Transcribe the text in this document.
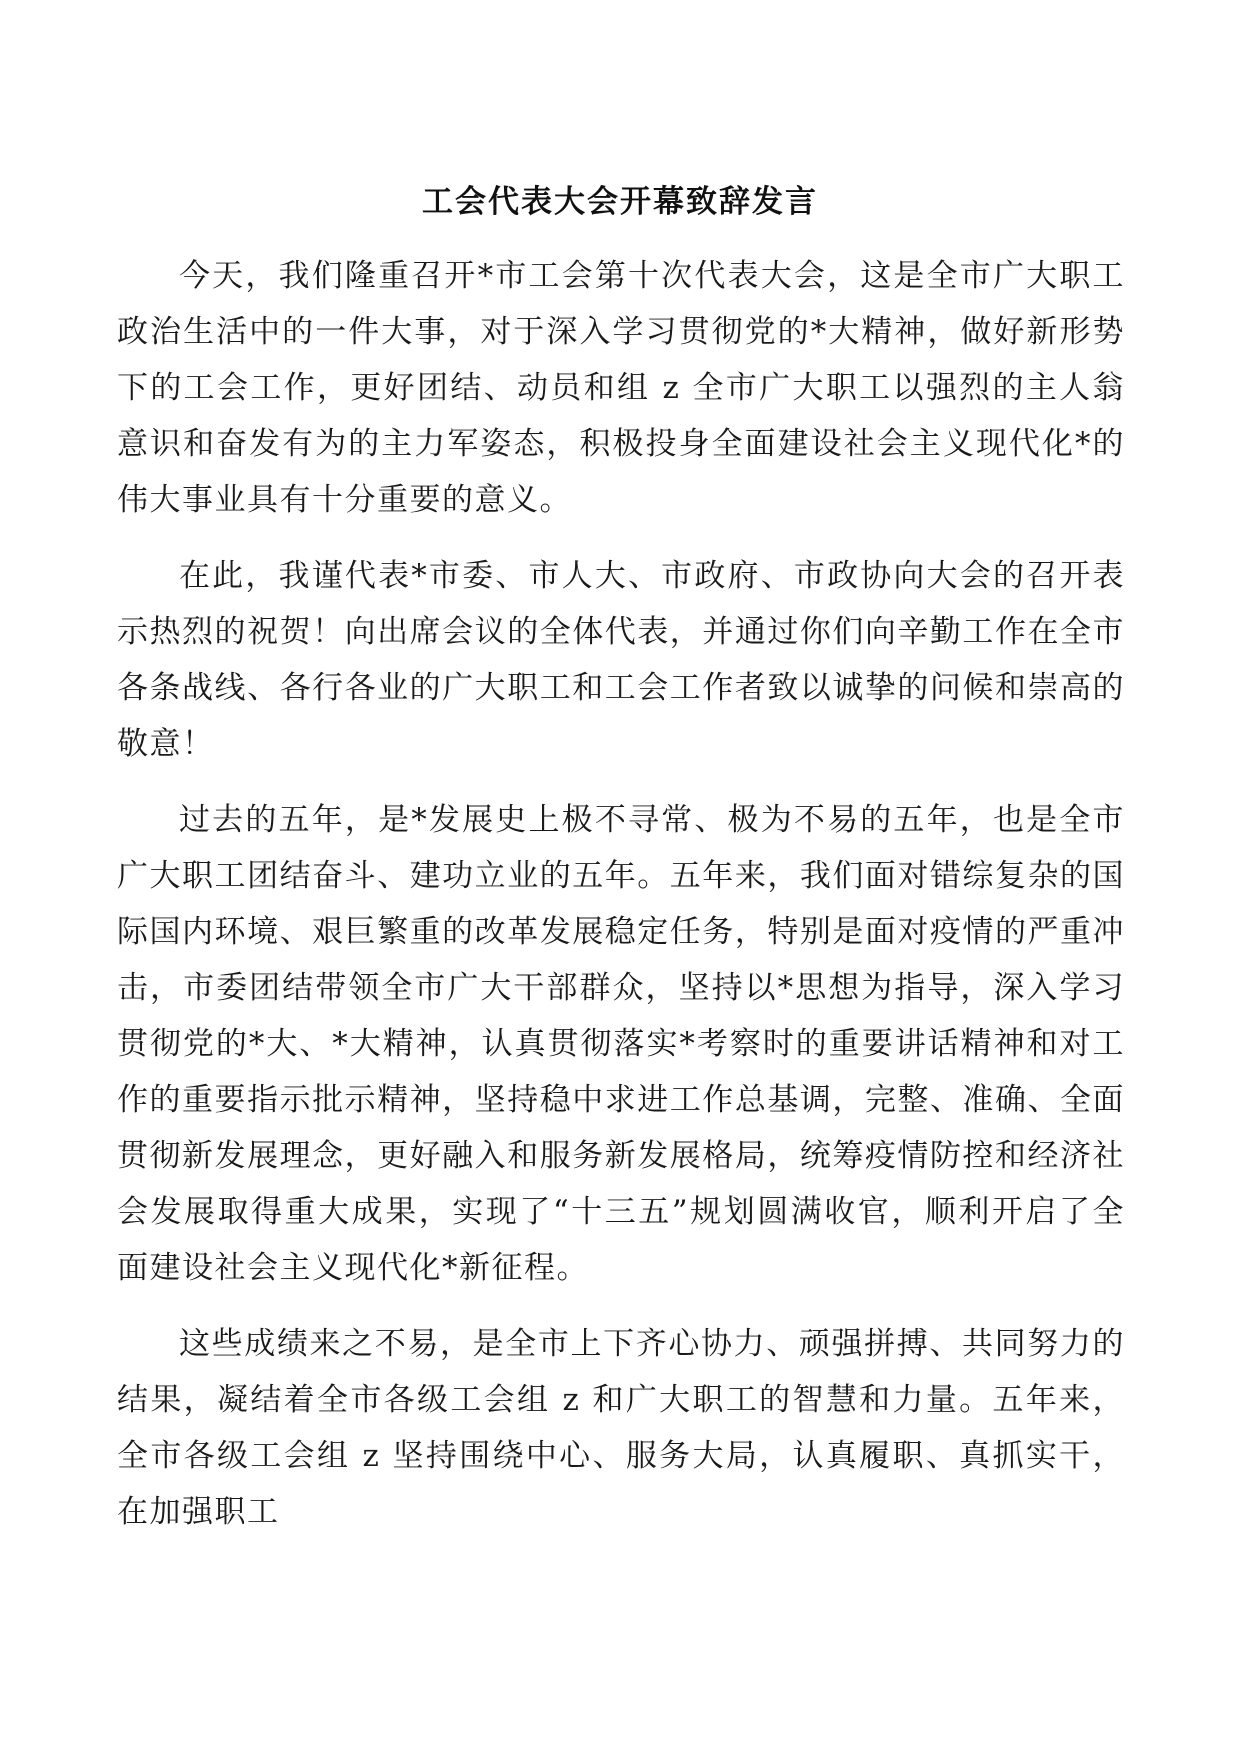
工会代表大会开幕致辞发言

今天，我们隆重召开*市工会第十次代表大会，这是全市广大职工政治生活中的一件大事，对于深入学习贯彻党的*大精神，做好新形势下的工会工作，更好团结、动员和组 z 全市广大职工以强烈的主人翁意识和奋发有为的主力军姿态，积极投身全面建设社会主义现代化*的伟大事业具有十分重要的意义。

在此，我谨代表*市委、市人大、市政府、市政协向大会的召开表示热烈的祝贺！向出席会议的全体代表，并通过你们向辛勤工作在全市各条战线、各行各业的广大职工和工会工作者致以诚挚的问候和崇高的敬意！

过去的五年，是*发展史上极不寻常、极为不易的五年，也是全市广大职工团结奋斗、建功立业的五年。五年来，我们面对错综复杂的国际国内环境、艰巨繁重的改革发展稳定任务，特别是面对疫情的严重冲击，市委团结带领全市广大干部群众，坚持以*思想为指导，深入学习贯彻党的*大、*大精神，认真贯彻落实*考察时的重要讲话精神和对工作的重要指示批示精神，坚持稳中求进工作总基调，完整、准确、全面贯彻新发展理念，更好融入和服务新发展格局，统筹疫情防控和经济社会发展取得重大成果，实现了“十三五”规划圆满收官，顺利开启了全面建设社会主义现代化*新征程。

这些成绩来之不易，是全市上下齐心协力、顽强拼搏、共同努力的结果，凝结着全市各级工会组 z 和广大职工的智慧和力量。五年来，全市各级工会组 z 坚持围绕中心、服务大局，认真履职、真抓实干，在加强职工
